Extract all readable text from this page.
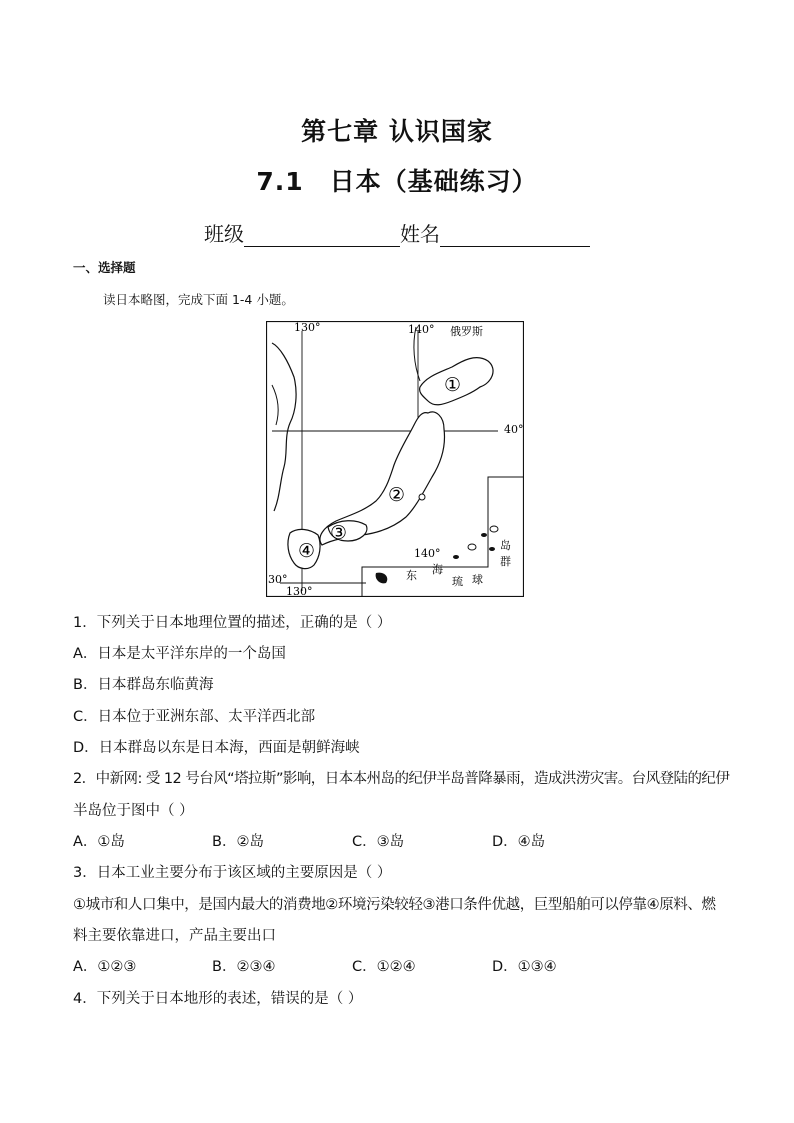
第七章 认识国家
7.1　日本（基础练习）
班级	姓名
一、选择题
读日本略图，完成下面 1-4 小题。
130°	140° 俄罗斯
40°
140°
30°
130°
东 海
琉 球
岛
群
①
②
③
④
1．下列关于日本地理位置的描述，正确的是（ ）
A．日本是太平洋东岸的一个岛国
B．日本群岛东临黄海
C．日本位于亚洲东部、太平洋西北部
D．日本群岛以东是日本海，西面是朝鲜海峡
2．中新网: 受 12 号台风“塔拉斯”影响，日本本州岛的纪伊半岛普降暴雨，造成洪涝灾害。台风登陆的纪伊
半岛位于图中（ ）
A．①岛	B．②岛	C．③岛	D．④岛
3．日本工业主要分布于该区域的主要原因是（ ）
①城市和人口集中，是国内最大的消费地②环境污染较轻③港口条件优越，巨型船舶可以停靠④原料、燃
料主要依靠进口，产品主要出口
A．①②③	B．②③④	C．①②④	D．①③④
4．下列关于日本地形的表述，错误的是（ ）
